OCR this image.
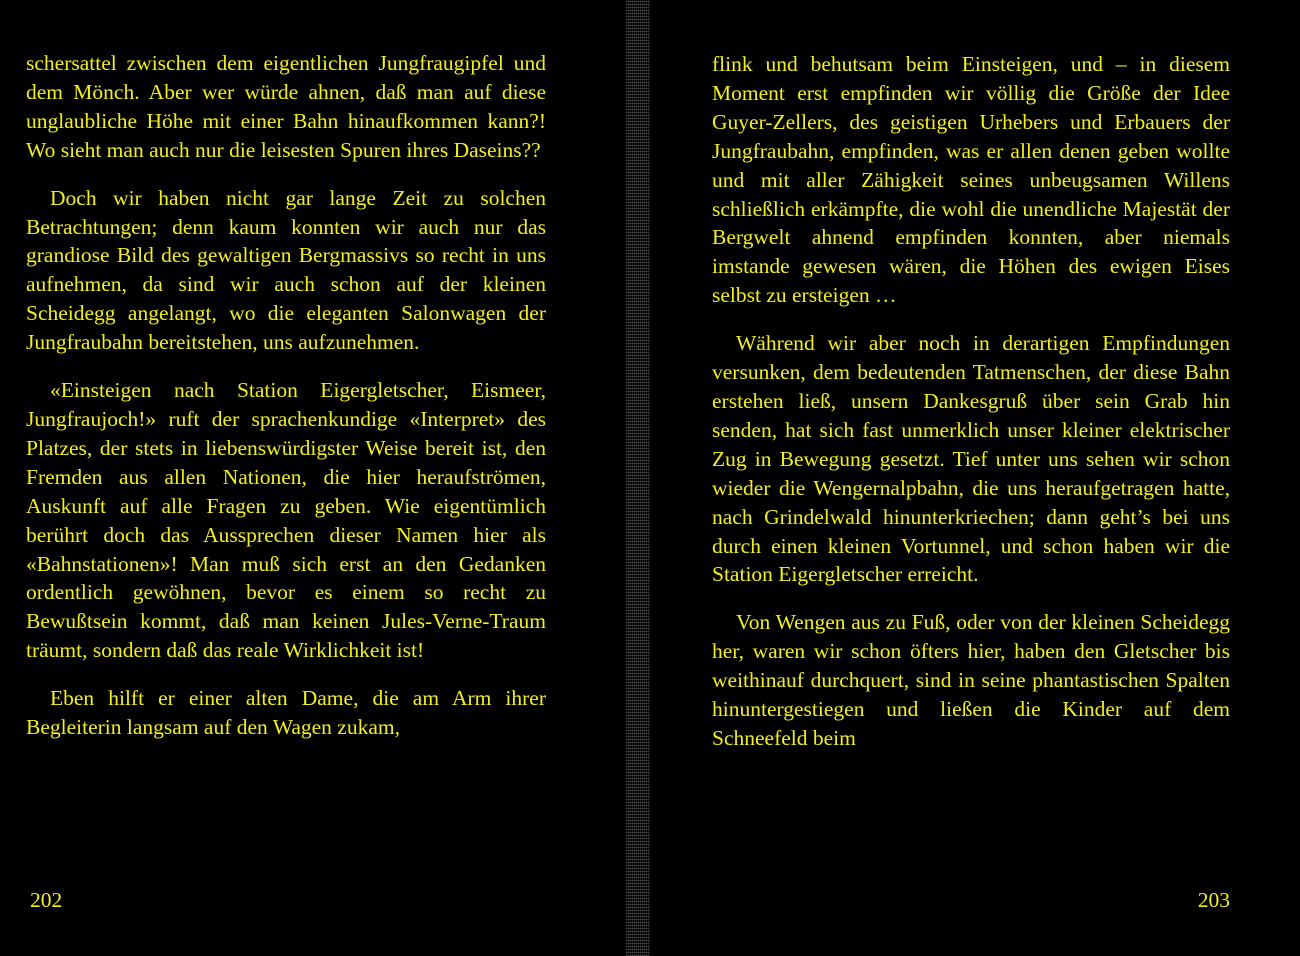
schersattel zwischen dem eigentlichen Jungfraugipfel und dem Mönch. Aber wer würde ahnen, daß man auf diese unglaubliche Höhe mit einer Bahn hinaufkommen kann?! Wo sieht man auch nur die leisesten Spuren ihres Daseins??

Doch wir haben nicht gar lange Zeit zu solchen Betrachtungen; denn kaum konnten wir auch nur das grandiose Bild des gewaltigen Bergmassivs so recht in uns aufnehmen, da sind wir auch schon auf der kleinen Scheidegg angelangt, wo die eleganten Salonwagen der Jungfraubahn bereitstehen, uns aufzunehmen.

«Einsteigen nach Station Eigergletscher, Eismeer, Jungfraujoch!» ruft der sprachenkundige «Interpret» des Platzes, der stets in liebenswürdigster Weise bereit ist, den Fremden aus allen Nationen, die hier heraufströmen, Auskunft auf alle Fragen zu geben. Wie eigentümlich berührt doch das Aussprechen dieser Namen hier als «Bahnstationen»! Man muß sich erst an den Gedanken ordentlich gewöhnen, bevor es einem so recht zu Bewußtsein kommt, daß man keinen Jules-Verne-Traum träumt, sondern daß das reale Wirklichkeit ist!

Eben hilft er einer alten Dame, die am Arm ihrer Begleiterin langsam auf den Wagen zukam,

202

flink und behutsam beim Einsteigen, und – in diesem Moment erst empfinden wir völlig die Größe der Idee Guyer-Zellers, des geistigen Urhebers und Erbauers der Jungfraubahn, empfinden, was er allen denen geben wollte und mit aller Zähigkeit seines unbeugsamen Willens schließlich erkämpfte, die wohl die unendliche Majestät der Bergwelt ahnend empfinden konnten, aber niemals imstande gewesen wären, die Höhen des ewigen Eises selbst zu ersteigen …

Während wir aber noch in derartigen Empfindungen versunken, dem bedeutenden Tatmenschen, der diese Bahn erstehen ließ, unsern Dankesgruß über sein Grab hin senden, hat sich fast unmerklich unser kleiner elektrischer Zug in Bewegung gesetzt. Tief unter uns sehen wir schon wieder die Wengernalpbahn, die uns heraufgetragen hatte, nach Grindelwald hinunterkriechen; dann geht’s bei uns durch einen kleinen Vortunnel, und schon haben wir die Station Eigergletscher erreicht.

Von Wengen aus zu Fuß, oder von der kleinen Scheidegg her, waren wir schon öfters hier, haben den Gletscher bis weithinauf durchquert, sind in seine phantastischen Spalten hinuntergestiegen und ließen die Kinder auf dem Schneefeld beim

203
